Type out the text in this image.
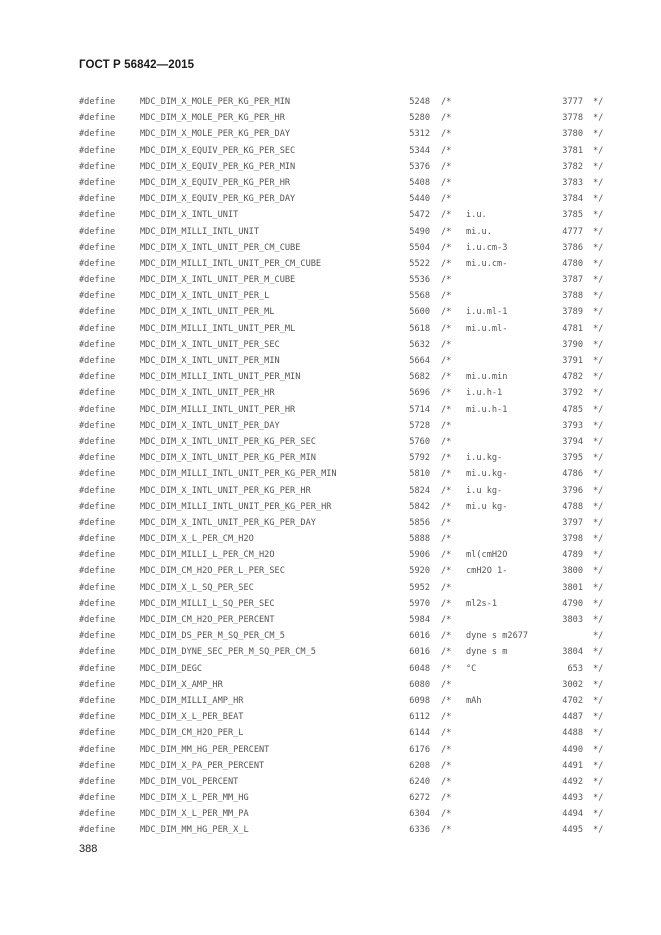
ГОСТ Р 56842—2015
#define	MDC_DIM_X_MOLE_PER_KG_PER_MIN	5248 /*	3777 */
#define	MDC_DIM_X_MOLE_PER_KG_PER_HR	5280 /*	3778 */
#define	MDC_DIM_X_MOLE_PER_KG_PER_DAY	5312 /*	3780 */
#define	MDC_DIM_X_EQUIV_PER_KG_PER_SEC	5344 /*	3781 */
#define	MDC_DIM_X_EQUIV_PER_KG_PER_MIN	5376 /*	3782 */
#define	MDC_DIM_X_EQUIV_PER_KG_PER_HR	5408 /*	3783 */
#define	MDC_DIM_X_EQUIV_PER_KG_PER_DAY	5440 /*	3784 */
#define	MDC_DIM_X_INTL_UNIT	5472 /* i.u.	3785 */
#define	MDC_DIM_MILLI_INTL_UNIT	5490 /* mi.u.	4777 */
#define	MDC_DIM_X_INTL_UNIT_PER_CM_CUBE	5504 /* i.u.cm-3	3786 */
#define	MDC_DIM_MILLI_INTL_UNIT_PER_CM_CUBE	5522 /* mi.u.cm-	4780 */
#define	MDC_DIM_X_INTL_UNIT_PER_M_CUBE	5536 /*	3787 */
#define	MDC_DIM_X_INTL_UNIT_PER_L	5568 /*	3788 */
#define	MDC_DIM_X_INTL_UNIT_PER_ML	5600 /* i.u.ml-1	3789 */
#define	MDC_DIM_MILLI_INTL_UNIT_PER_ML	5618 /* mi.u.ml-	4781 */
#define	MDC_DIM_X_INTL_UNIT_PER_SEC	5632 /*	3790 */
#define	MDC_DIM_X_INTL_UNIT_PER_MIN	5664 /*	3791 */
#define	MDC_DIM_MILLI_INTL_UNIT_PER_MIN	5682 /* mi.u.min	4782 */
#define	MDC_DIM_X_INTL_UNIT_PER_HR	5696 /* i.u.h-1	3792 */
#define	MDC_DIM_MILLI_INTL_UNIT_PER_HR	5714 /* mi.u.h-1	4785 */
#define	MDC_DIM_X_INTL_UNIT_PER_DAY	5728 /*	3793 */
#define	MDC_DIM_X_INTL_UNIT_PER_KG_PER_SEC	5760 /*	3794 */
#define	MDC_DIM_X_INTL_UNIT_PER_KG_PER_MIN	5792 /* i.u.kg-	3795 */
#define	MDC_DIM_MILLI_INTL_UNIT_PER_KG_PER_MIN	5810 /* mi.u.kg-	4786 */
#define	MDC_DIM_X_INTL_UNIT_PER_KG_PER_HR	5824 /* i.u kg-	3796 */
#define	MDC_DIM_MILLI_INTL_UNIT_PER_KG_PER_HR	5842 /* mi.u kg-	4788 */
#define	MDC_DIM_X_INTL_UNIT_PER_KG_PER_DAY	5856 /*	3797 */
#define	MDC_DIM_X_L_PER_CM_H2O	5888 /*	3798 */
#define	MDC_DIM_MILLI_L_PER_CM_H2O	5906 /* ml(cmH2O	4789 */
#define	MDC_DIM_CM_H2O_PER_L_PER_SEC	5920 /* cmH2O 1-	3800 */
#define	MDC_DIM_X_L_SQ_PER_SEC	5952 /*	3801 */
#define	MDC_DIM_MILLI_L_SQ_PER_SEC	5970 /* ml2s-1	4790 */
#define	MDC_DIM_CM_H2O_PER_PERCENT	5984 /*	3803 */
#define	MDC_DIM_DS_PER_M_SQ_PER_CM_5	6016 /* dyne s m2677	*/
#define	MDC_DIM_DYNE_SEC_PER_M_SQ_PER_CM_5	6016 /* dyne s m	3804 */
#define	MDC_DIM_DEGC	6048 /* °C	653 */
#define	MDC_DIM_X_AMP_HR	6080 /*	3002 */
#define	MDC_DIM_MILLI_AMP_HR	6098 /* mAh	4702 */
#define	MDC_DIM_X_L_PER_BEAT	6112 /*	4487 */
#define	MDC_DIM_CM_H2O_PER_L	6144 /*	4488 */
#define	MDC_DIM_MM_HG_PER_PERCENT	6176 /*	4490 */
#define	MDC_DIM_X_PA_PER_PERCENT	6208 /*	4491 */
#define	MDC_DIM_VOL_PERCENT	6240 /*	4492 */
#define	MDC_DIM_X_L_PER_MM_HG	6272 /*	4493 */
#define	MDC_DIM_X_L_PER_MM_PA	6304 /*	4494 */
#define	MDC_DIM_MM_HG_PER_X_L	6336 /*	4495 */
388
